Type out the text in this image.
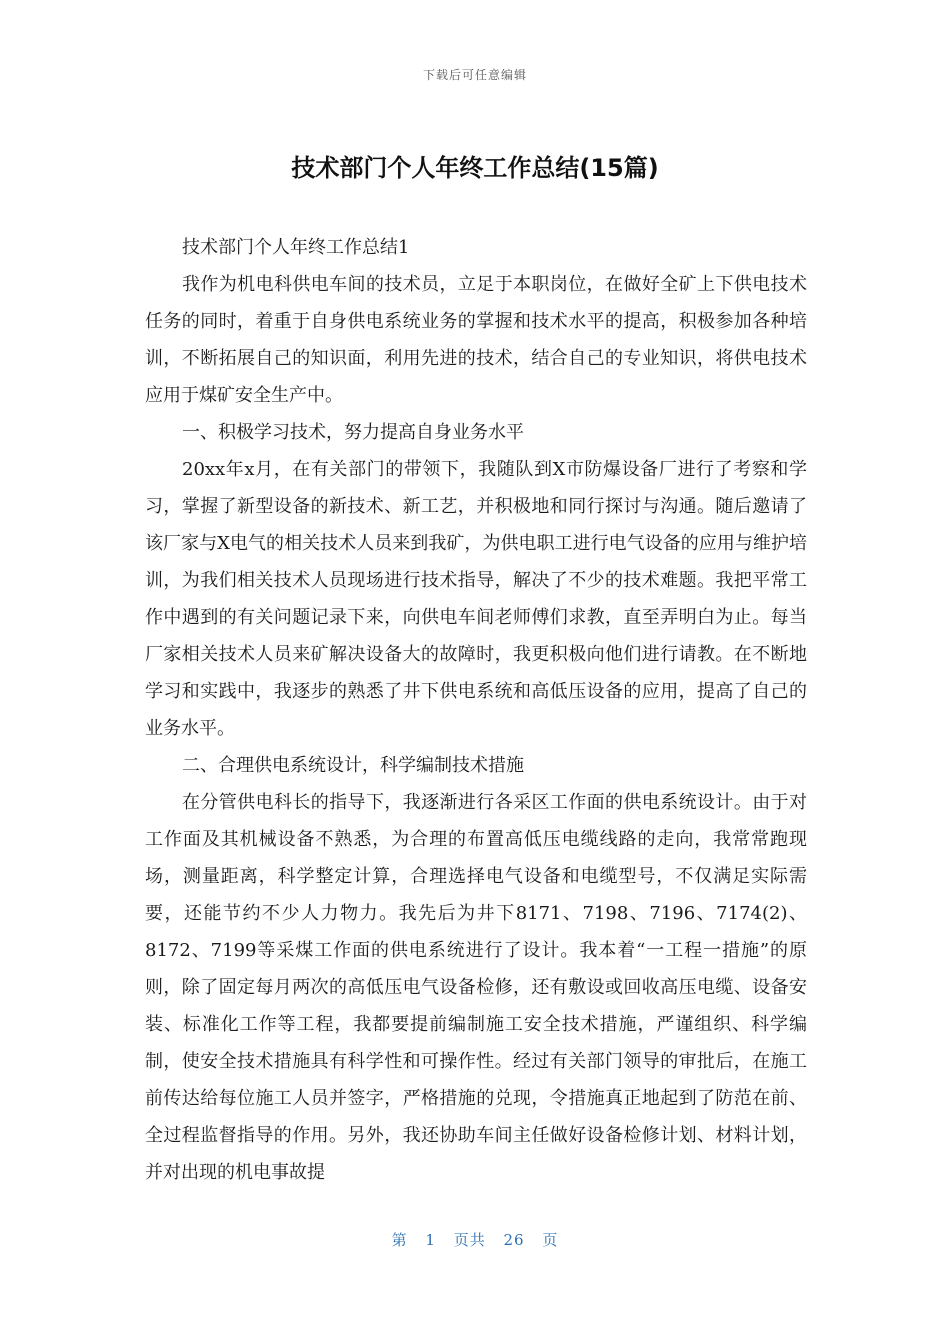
下载后可任意编辑
技术部门个人年终工作总结(15篇)

技术部门个人年终工作总结1

我作为机电科供电车间的技术员，立足于本职岗位，在做好全矿上下供电技术任务的同时，着重于自身供电系统业务的掌握和技术水平的提高，积极参加各种培训，不断拓展自己的知识面，利用先进的技术，结合自己的专业知识，将供电技术应用于煤矿安全生产中。

一、积极学习技术，努力提高自身业务水平

20xx年x月，在有关部门的带领下，我随队到X市防爆设备厂进行了考察和学习，掌握了新型设备的新技术、新工艺，并积极地和同行探讨与沟通。随后邀请了该厂家与X电气的相关技术人员来到我矿，为供电职工进行电气设备的应用与维护培训，为我们相关技术人员现场进行技术指导，解决了不少的技术难题。我把平常工作中遇到的有关问题记录下来，向供电车间老师傅们求教，直至弄明白为止。每当厂家相关技术人员来矿解决设备大的故障时，我更积极向他们进行请教。在不断地学习和实践中，我逐步的熟悉了井下供电系统和高低压设备的应用，提高了自己的业务水平。

二、合理供电系统设计，科学编制技术措施

在分管供电科长的指导下，我逐渐进行各采区工作面的供电系统设计。由于对工作面及其机械设备不熟悉，为合理的布置高低压电缆线路的走向，我常常跑现场，测量距离，科学整定计算，合理选择电气设备和电缆型号，不仅满足实际需要，还能节约不少人力物力。我先后为井下8171、7198、7196、7174(2)、8172、7199等采煤工作面的供电系统进行了设计。我本着“一工程一措施”的原则，除了固定每月两次的高低压电气设备检修，还有敷设或回收高压电缆、设备安装、标准化工作等工程，我都要提前编制施工安全技术措施，严谨组织、科学编制，使安全技术措施具有科学性和可操作性。经过有关部门领导的审批后，在施工前传达给每位施工人员并签字，严格措施的兑现，令措施真正地起到了防范在前、全过程监督指导的作用。另外，我还协助车间主任做好设备检修计划、材料计划，并对出现的机电事故提

第 1 页共 26 页
